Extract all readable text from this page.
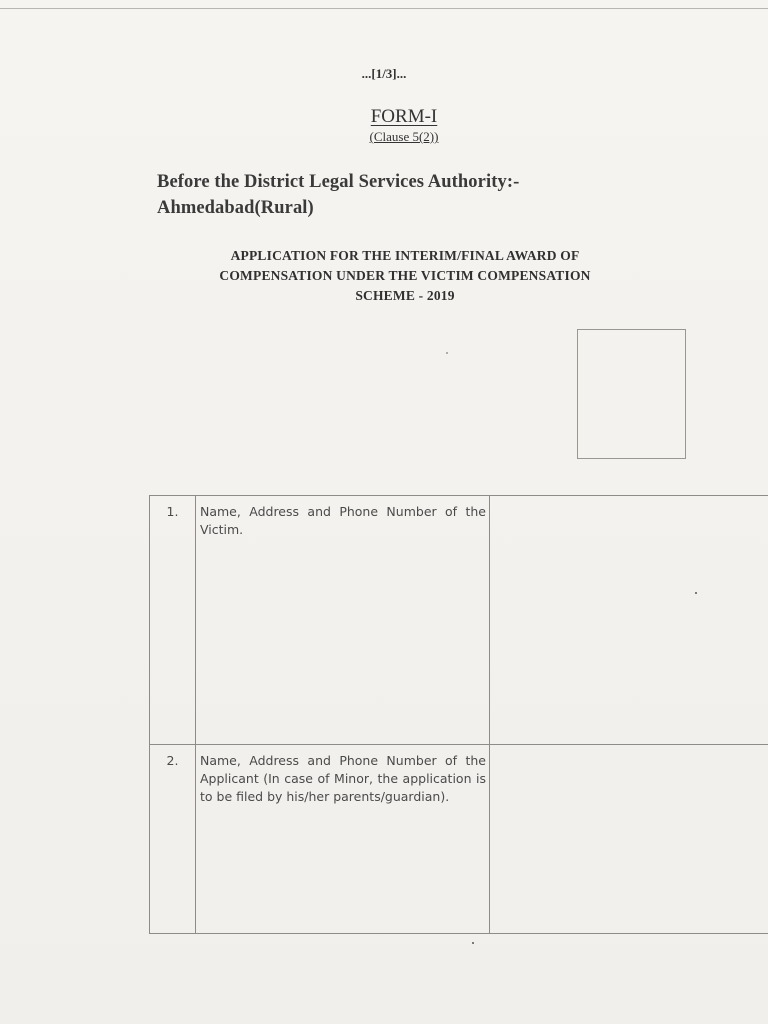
...[1/3]...
FORM-I
(Clause 5(2))
Before the District Legal Services Authority:-
Ahmedabad(Rural)
APPLICATION FOR THE INTERIM/FINAL AWARD OF
COMPENSATION UNDER THE VICTIM COMPENSATION
SCHEME - 2019
1.	Name, Address and Phone Number of the Victim.	
2.	Name, Address and Phone Number of the Applicant (In case of Minor, the application is to be filed by his/her parents/guardian).	
